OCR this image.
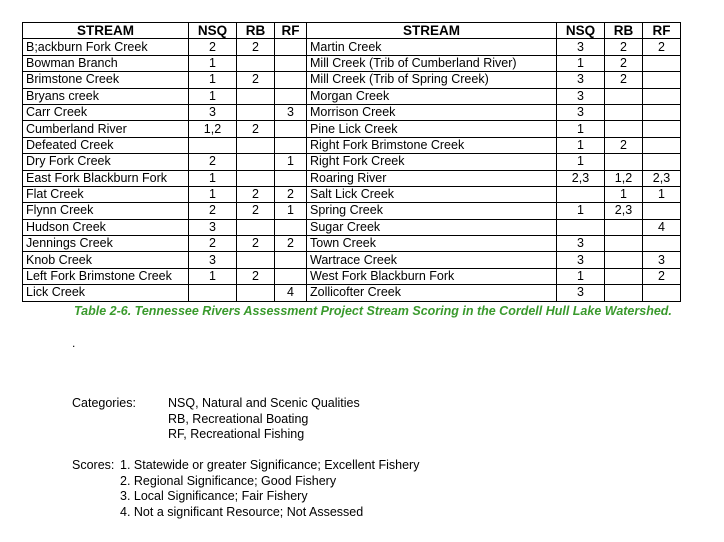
STREAM	NSQ	RB	RF	STREAM	NSQ	RB	RF
B;ackburn Fork Creek	2	2		Martin Creek	3	2	2
Bowman Branch	1			Mill Creek (Trib of Cumberland River)	1	2	
Brimstone Creek	1	2		Mill Creek (Trib of Spring Creek)	3	2	
Bryans creek	1			Morgan Creek	3		
Carr Creek	3		3	Morrison Creek	3		
Cumberland River	1,2	2		Pine Lick Creek	1		
Defeated Creek				Right Fork Brimstone Creek	1	2	
Dry Fork Creek	2		1	Right Fork Creek	1		
East Fork Blackburn Fork	1			Roaring River	2,3	1,2	2,3
Flat Creek	1	2	2	Salt Lick Creek		1	1
Flynn Creek	2	2	1	Spring Creek	1	2,3	
Hudson Creek	3			Sugar Creek			4
Jennings Creek	2	2	2	Town Creek	3		
Knob Creek	3			Wartrace Creek	3		3
Left Fork Brimstone Creek	1	2		West Fork Blackburn Fork	1		2
Lick Creek			4	Zollicofter Creek	3		

Table 2-6. Tennessee Rivers Assessment Project Stream Scoring in the Cordell Hull Lake Watershed.

.
Categories:	NSQ, Natural and Scenic Qualities
RB, Recreational Boating
RF, Recreational Fishing
Scores: 1. Statewide or greater Significance; Excellent Fishery
2. Regional Significance; Good Fishery
3. Local Significance; Fair Fishery
4. Not a significant Resource; Not Assessed
